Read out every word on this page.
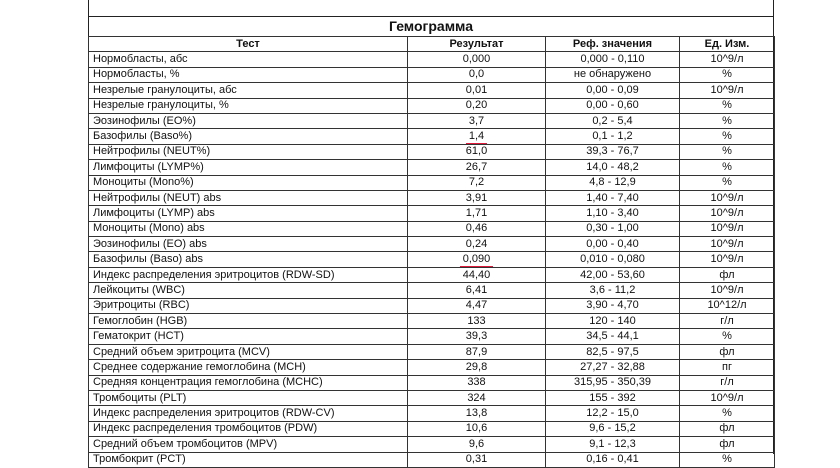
Гемограмма
Тест	Результат	Реф. значения	Ед. Изм.
Нормобласты, абс	0,000	0,000 - 0,110	10^9/л
Нормобласты, %	0,0	не обнаружено	%
Незрелые гранулоциты, абс	0,01	0,00 - 0,09	10^9/л
Незрелые гранулоциты, %	0,20	0,00 - 0,60	%
Эозинофилы (ЕО%)	3,7	0,2 - 5,4	%
Базофилы (Baso%)	1,4	0,1 - 1,2	%
Нейтрофилы (NEUT%)	61,0	39,3 - 76,7	%
Лимфоциты (LYMP%)	26,7	14,0 - 48,2	%
Моноциты (Mono%)	7,2	4,8 - 12,9	%
Нейтрофилы (NEUT) abs	3,91	1,40 - 7,40	10^9/л
Лимфоциты (LYMP) abs	1,71	1,10 - 3,40	10^9/л
Моноциты (Mono) abs	0,46	0,30 - 1,00	10^9/л
Эозинофилы (ЕО) abs	0,24	0,00 - 0,40	10^9/л
Базофилы (Baso) abs	0,090	0,010 - 0,080	10^9/л
Индекс распределения эритроцитов (RDW-SD)	44,40	42,00 - 53,60	фл
Лейкоциты (WBC)	6,41	3,6 - 11,2	10^9/л
Эритроциты (RBC)	4,47	3,90 - 4,70	10^12/л
Гемоглобин (HGB)	133	120 - 140	г/л
Гематокрит (HCT)	39,3	34,5 - 44,1	%
Средний объем эритроцита (MCV)	87,9	82,5 - 97,5	фл
Среднее содержание гемоглобина (MCH)	29,8	27,27 - 32,88	пг
Средняя концентрация гемоглобина (MCHC)	338	315,95 - 350,39	г/л
Тромбоциты (PLT)	324	155 - 392	10^9/л
Индекс распределения эритроцитов (RDW-CV)	13,8	12,2 - 15,0	%
Индекс распределения тромбоцитов (PDW)	10,6	9,6 - 15,2	фл
Средний объем тромбоцитов (MPV)	9,6	9,1 - 12,3	фл
Тромбокрит (PCT)	0,31	0,16 - 0,41	%
